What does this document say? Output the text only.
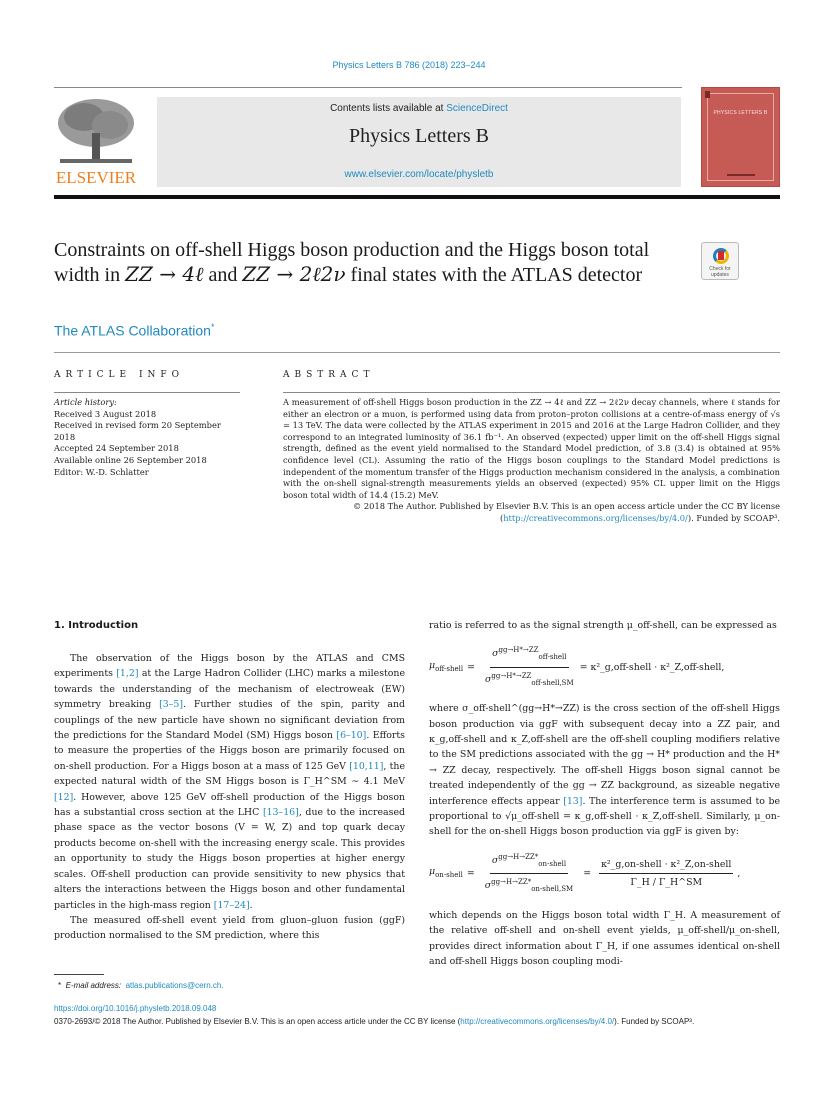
Physics Letters B 786 (2018) 223–244
ELSEVIER
Contents lists available at ScienceDirect
Physics Letters B
www.elsevier.com/locate/physletb
PHYSICS LETTERS B
Constraints on off-shell Higgs boson production and the Higgs boson total width in ZZ → 4ℓ and ZZ → 2ℓ2ν final states with the ATLAS detector	Check for updates
The ATLAS Collaboration*
ARTICLE INFO	ABSTRACT
Article history:
Received 3 August 2018
Received in revised form 20 September 2018
Accepted 24 September 2018
Available online 26 September 2018
Editor: W.-D. Schlatter

A measurement of off-shell Higgs boson production in the ZZ → 4ℓ and ZZ → 2ℓ2ν decay channels, where ℓ stands for either an electron or a muon, is performed using data from proton–proton collisions at a centre-of-mass energy of √s = 13 TeV. The data were collected by the ATLAS experiment in 2015 and 2016 at the Large Hadron Collider, and they correspond to an integrated luminosity of 36.1 fb⁻¹. An observed (expected) upper limit on the off-shell Higgs signal strength, defined as the event yield normalised to the Standard Model prediction, of 3.8 (3.4) is obtained at 95% confidence level (CL). Assuming the ratio of the Higgs boson couplings to the Standard Model predictions is independent of the momentum transfer of the Higgs production mechanism considered in the analysis, a combination with the on-shell signal-strength measurements yields an observed (expected) 95% CL upper limit on the Higgs boson total width of 14.4 (15.2) MeV.

© 2018 The Author. Published by Elsevier B.V. This is an open access article under the CC BY license (http://creativecommons.org/licenses/by/4.0/). Funded by SCOAP³.

1. Introduction

The observation of the Higgs boson by the ATLAS and CMS experiments [1,2] at the Large Hadron Collider (LHC) marks a milestone towards the understanding of the mechanism of electroweak (EW) symmetry breaking [3–5]. Further studies of the spin, parity and couplings of the new particle have shown no significant deviation from the predictions for the Standard Model (SM) Higgs boson [6–10]. Efforts to measure the properties of the Higgs boson are primarily focused on on-shell production. For a Higgs boson at a mass of 125 GeV [10,11], the expected natural width of the SM Higgs boson is Γ_H^SM ∼ 4.1 MeV [12]. However, above 125 GeV off-shell production of the Higgs boson has a substantial cross section at the LHC [13–16], due to the increased phase space as the vector bosons (V = W, Z) and top quark decay products become on-shell with the increasing energy scale. This provides an opportunity to study the Higgs boson properties at higher energy scales. Off-shell production can provide sensitivity to new physics that alters the interactions between the Higgs boson and other fundamental particles in the high-mass region [17–24].

The measured off-shell event yield from gluon–gluon fusion (ggF) production normalised to the SM prediction, where this

ratio is referred to as the signal strength μ_off-shell, can be expressed as

$\mu_{off-shell} = \frac{\sigma^{gg\to H*\to ZZ}_{off-shell}}{\sigma^{gg\to H*\to ZZ}_{off-shell,SM}}$ = κ²_g,off-shell · κ²_Z,off-shell,

where σ_off-shell^(gg→H*→ZZ) is the cross section of the off-shell Higgs boson production via ggF with subsequent decay into a ZZ pair, and κ_g,off-shell and κ_Z,off-shell are the off-shell coupling modifiers relative to the SM predictions associated with the gg → H* production and the H* → ZZ decay, respectively. The off-shell Higgs boson signal cannot be treated independently of the gg → ZZ background, as sizeable negative interference effects appear [13]. The interference term is assumed to be proportional to √μ_off-shell = κ_g,off-shell · κ_Z,off-shell. Similarly, μ_on-shell for the on-shell Higgs boson production via ggF is given by:

$\mu_{on-shell} = \frac{\sigma^{gg\to H\to ZZ*}_{on-shell}}{\sigma^{gg\to H\to ZZ*}_{on-shell,SM}} = \frac{\text{κ²\_g,on-shell · κ²\_Z,on-shell}}{\Gamma\_H / \Gamma\_H\^{}SM}$ ,

which depends on the Higgs boson total width Γ_H. A measurement of the relative off-shell and on-shell event yields, μ_off-shell/μ_on-shell, provides direct information about Γ_H, if one assumes identical on-shell and off-shell Higgs boson coupling modi-

* E-mail address: atlas.publications@cern.ch.
https://doi.org/10.1016/j.physletb.2018.09.048
0370-2693/© 2018 The Author. Published by Elsevier B.V. This is an open access article under the CC BY license (http://creativecommons.org/licenses/by/4.0/). Funded by SCOAP³.
